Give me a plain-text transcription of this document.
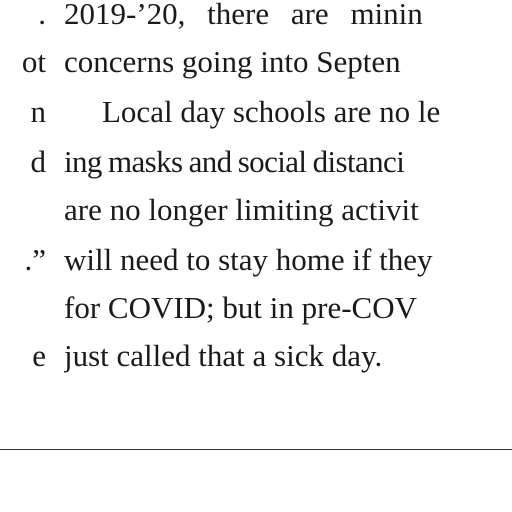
.
ot
n
d
.”
e
2019-’20, there are minin
concerns going into Septen
Local day schools are no le
ing masks and social distanci
are no longer limiting activit
will need to stay home if they
for COVID; but in pre-COV
just called that a sick day.
